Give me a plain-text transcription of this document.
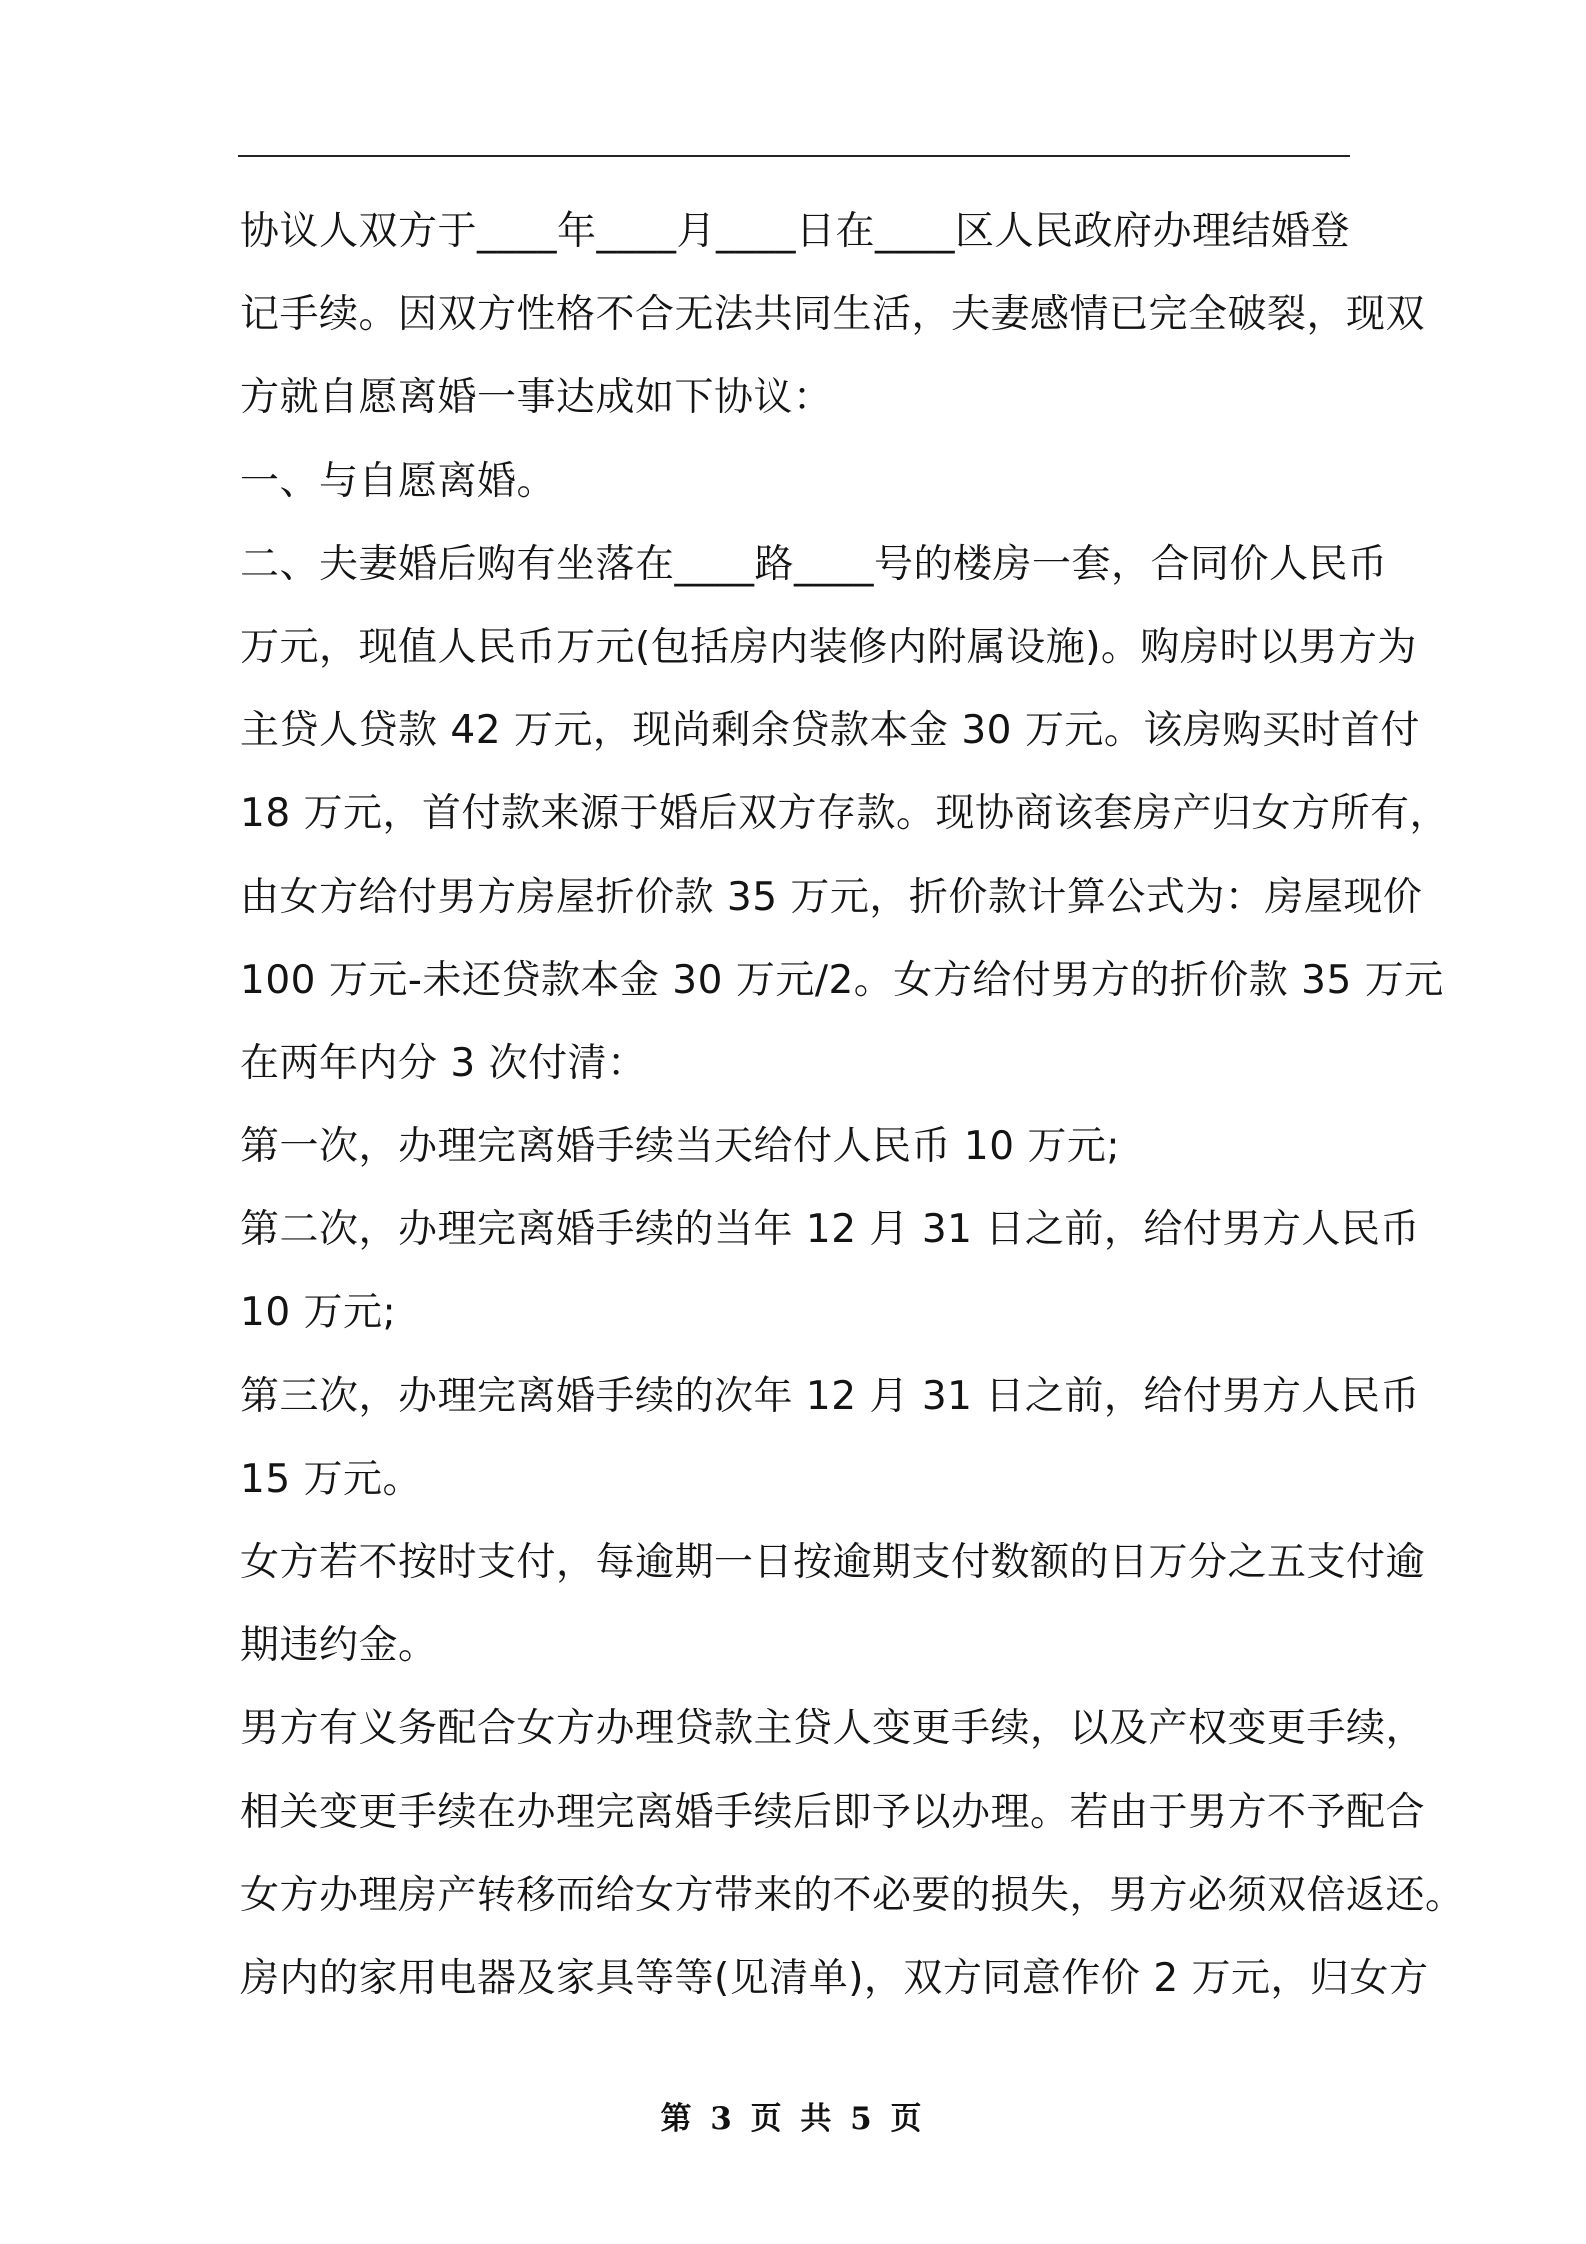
协议人双方于____年____月____日在____区人民政府办理结婚登
记手续。因双方性格不合无法共同生活，夫妻感情已完全破裂，现双
方就自愿离婚一事达成如下协议：
一、与自愿离婚。
二、夫妻婚后购有坐落在____路____号的楼房一套，合同价人民币
万元，现值人民币万元(包括房内装修内附属设施)。购房时以男方为
主贷人贷款 42 万元，现尚剩余贷款本金 30 万元。该房购买时首付
18 万元，首付款来源于婚后双方存款。现协商该套房产归女方所有，
由女方给付男方房屋折价款 35 万元，折价款计算公式为：房屋现价
100 万元-未还贷款本金 30 万元/2。女方给付男方的折价款 35 万元
在两年内分 3 次付清：
第一次，办理完离婚手续当天给付人民币 10 万元;
第二次，办理完离婚手续的当年 12 月 31 日之前，给付男方人民币
10 万元;
第三次，办理完离婚手续的次年 12 月 31 日之前，给付男方人民币
15 万元。
女方若不按时支付，每逾期一日按逾期支付数额的日万分之五支付逾
期违约金。
男方有义务配合女方办理贷款主贷人变更手续，以及产权变更手续，
相关变更手续在办理完离婚手续后即予以办理。若由于男方不予配合
女方办理房产转移而给女方带来的不必要的损失，男方必须双倍返还。
房内的家用电器及家具等等(见清单)，双方同意作价 2 万元，归女方
第 3 页 共 5 页
